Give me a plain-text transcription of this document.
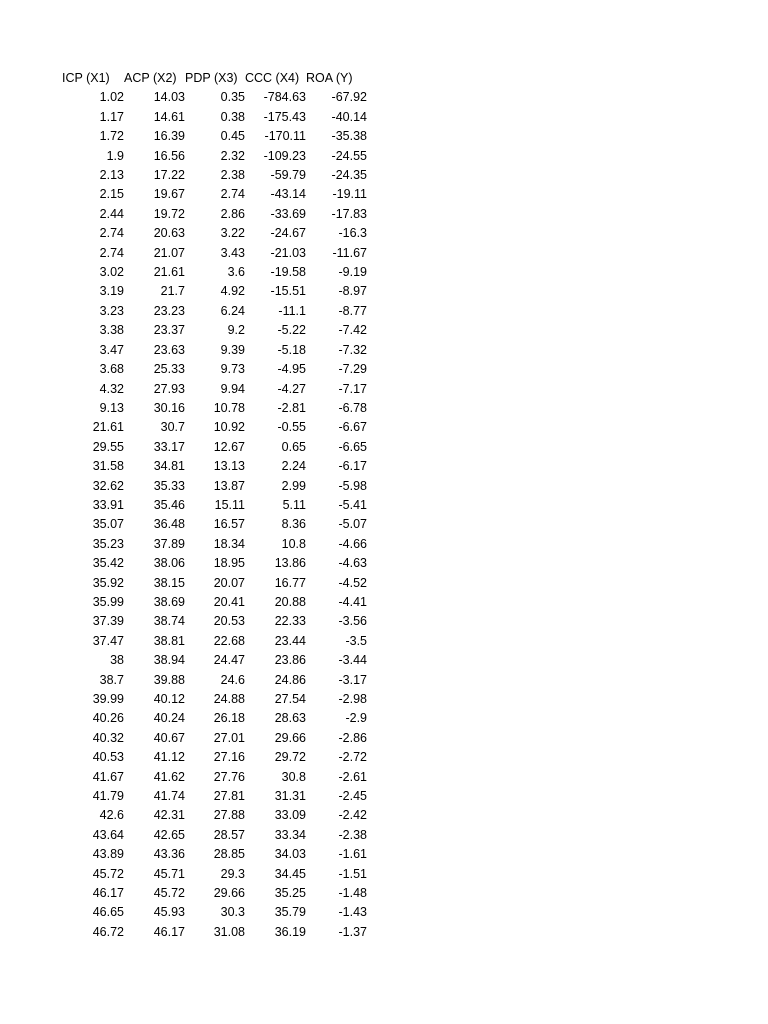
ICP (X1)	ACP (X2)	PDP (X3)	CCC (X4)	ROA (Y)
1.02	14.03	0.35	-784.63	-67.92
1.17	14.61	0.38	-175.43	-40.14
1.72	16.39	0.45	-170.11	-35.38
1.9	16.56	2.32	-109.23	-24.55
2.13	17.22	2.38	-59.79	-24.35
2.15	19.67	2.74	-43.14	-19.11
2.44	19.72	2.86	-33.69	-17.83
2.74	20.63	3.22	-24.67	-16.3
2.74	21.07	3.43	-21.03	-11.67
3.02	21.61	3.6	-19.58	-9.19
3.19	21.7	4.92	-15.51	-8.97
3.23	23.23	6.24	-11.1	-8.77
3.38	23.37	9.2	-5.22	-7.42
3.47	23.63	9.39	-5.18	-7.32
3.68	25.33	9.73	-4.95	-7.29
4.32	27.93	9.94	-4.27	-7.17
9.13	30.16	10.78	-2.81	-6.78
21.61	30.7	10.92	-0.55	-6.67
29.55	33.17	12.67	0.65	-6.65
31.58	34.81	13.13	2.24	-6.17
32.62	35.33	13.87	2.99	-5.98
33.91	35.46	15.11	5.11	-5.41
35.07	36.48	16.57	8.36	-5.07
35.23	37.89	18.34	10.8	-4.66
35.42	38.06	18.95	13.86	-4.63
35.92	38.15	20.07	16.77	-4.52
35.99	38.69	20.41	20.88	-4.41
37.39	38.74	20.53	22.33	-3.56
37.47	38.81	22.68	23.44	-3.5
38	38.94	24.47	23.86	-3.44
38.7	39.88	24.6	24.86	-3.17
39.99	40.12	24.88	27.54	-2.98
40.26	40.24	26.18	28.63	-2.9
40.32	40.67	27.01	29.66	-2.86
40.53	41.12	27.16	29.72	-2.72
41.67	41.62	27.76	30.8	-2.61
41.79	41.74	27.81	31.31	-2.45
42.6	42.31	27.88	33.09	-2.42
43.64	42.65	28.57	33.34	-2.38
43.89	43.36	28.85	34.03	-1.61
45.72	45.71	29.3	34.45	-1.51
46.17	45.72	29.66	35.25	-1.48
46.65	45.93	30.3	35.79	-1.43
46.72	46.17	31.08	36.19	-1.37
